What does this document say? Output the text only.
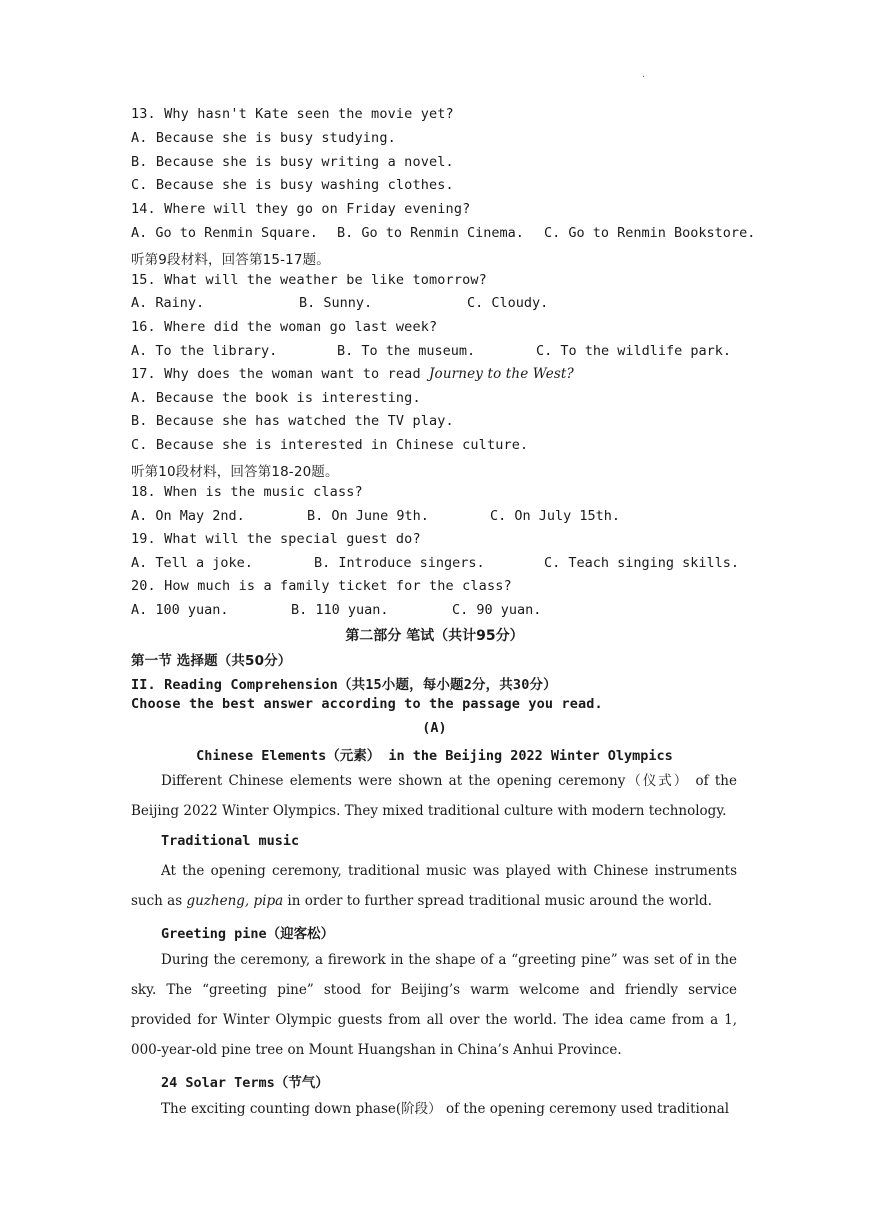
·
13. Why hasn't Kate seen the movie yet?
A. Because she is busy studying.
B. Because she is busy writing a novel.
C. Because she is busy washing clothes.
14. Where will they go on Friday evening?
A. Go to Renmin Square. B. Go to Renmin Cinema. C. Go to Renmin Bookstore.
听第9段材料，回答第15-17题。
15. What will the weather be like tomorrow?
A. Rainy.	B. Sunny.	C. Cloudy.
16. Where did the woman go last week?
A. To the library.	B. To the museum.	C. To the wildlife park.
17. Why does the woman want to read Journey to the West?
A. Because the book is interesting.
B. Because she has watched the TV play.
C. Because she is interested in Chinese culture.
听第10段材料，回答第18-20题。
18. When is the music class?
A. On May 2nd.	B. On June 9th.	C. On July 15th.
19. What will the special guest do?
A. Tell a joke.	B. Introduce singers.	C. Teach singing skills.
20. How much is a family ticket for the class?
A. 100 yuan.	B. 110 yuan.	C. 90 yuan.
第二部分 笔试（共计95分）
第一节 选择题（共50分）
II. Reading Comprehension（共15小题，每小题2分，共30分）
Choose the best answer according to the passage you read.
(A)
Chinese Elements（元素） in the Beijing 2022 Winter Olympics
Different Chinese elements were shown at the opening ceremony（仪式） of the Beijing 2022 Winter Olympics. They mixed traditional culture with modern technology.
Traditional music
At the opening ceremony, traditional music was played with Chinese instruments such as guzheng, pipa in order to further spread traditional music around the world.
Greeting pine（迎客松）
During the ceremony, a firework in the shape of a “greeting pine” was set of in the sky. The “greeting pine” stood for Beijing’s warm welcome and friendly service provided for Winter Olympic guests from all over the world. The idea came from a 1, 000-year-old pine tree on Mount Huangshan in China’s Anhui Province.
24 Solar Terms（节气）
The exciting counting down phase(阶段） of the opening ceremony used traditional
